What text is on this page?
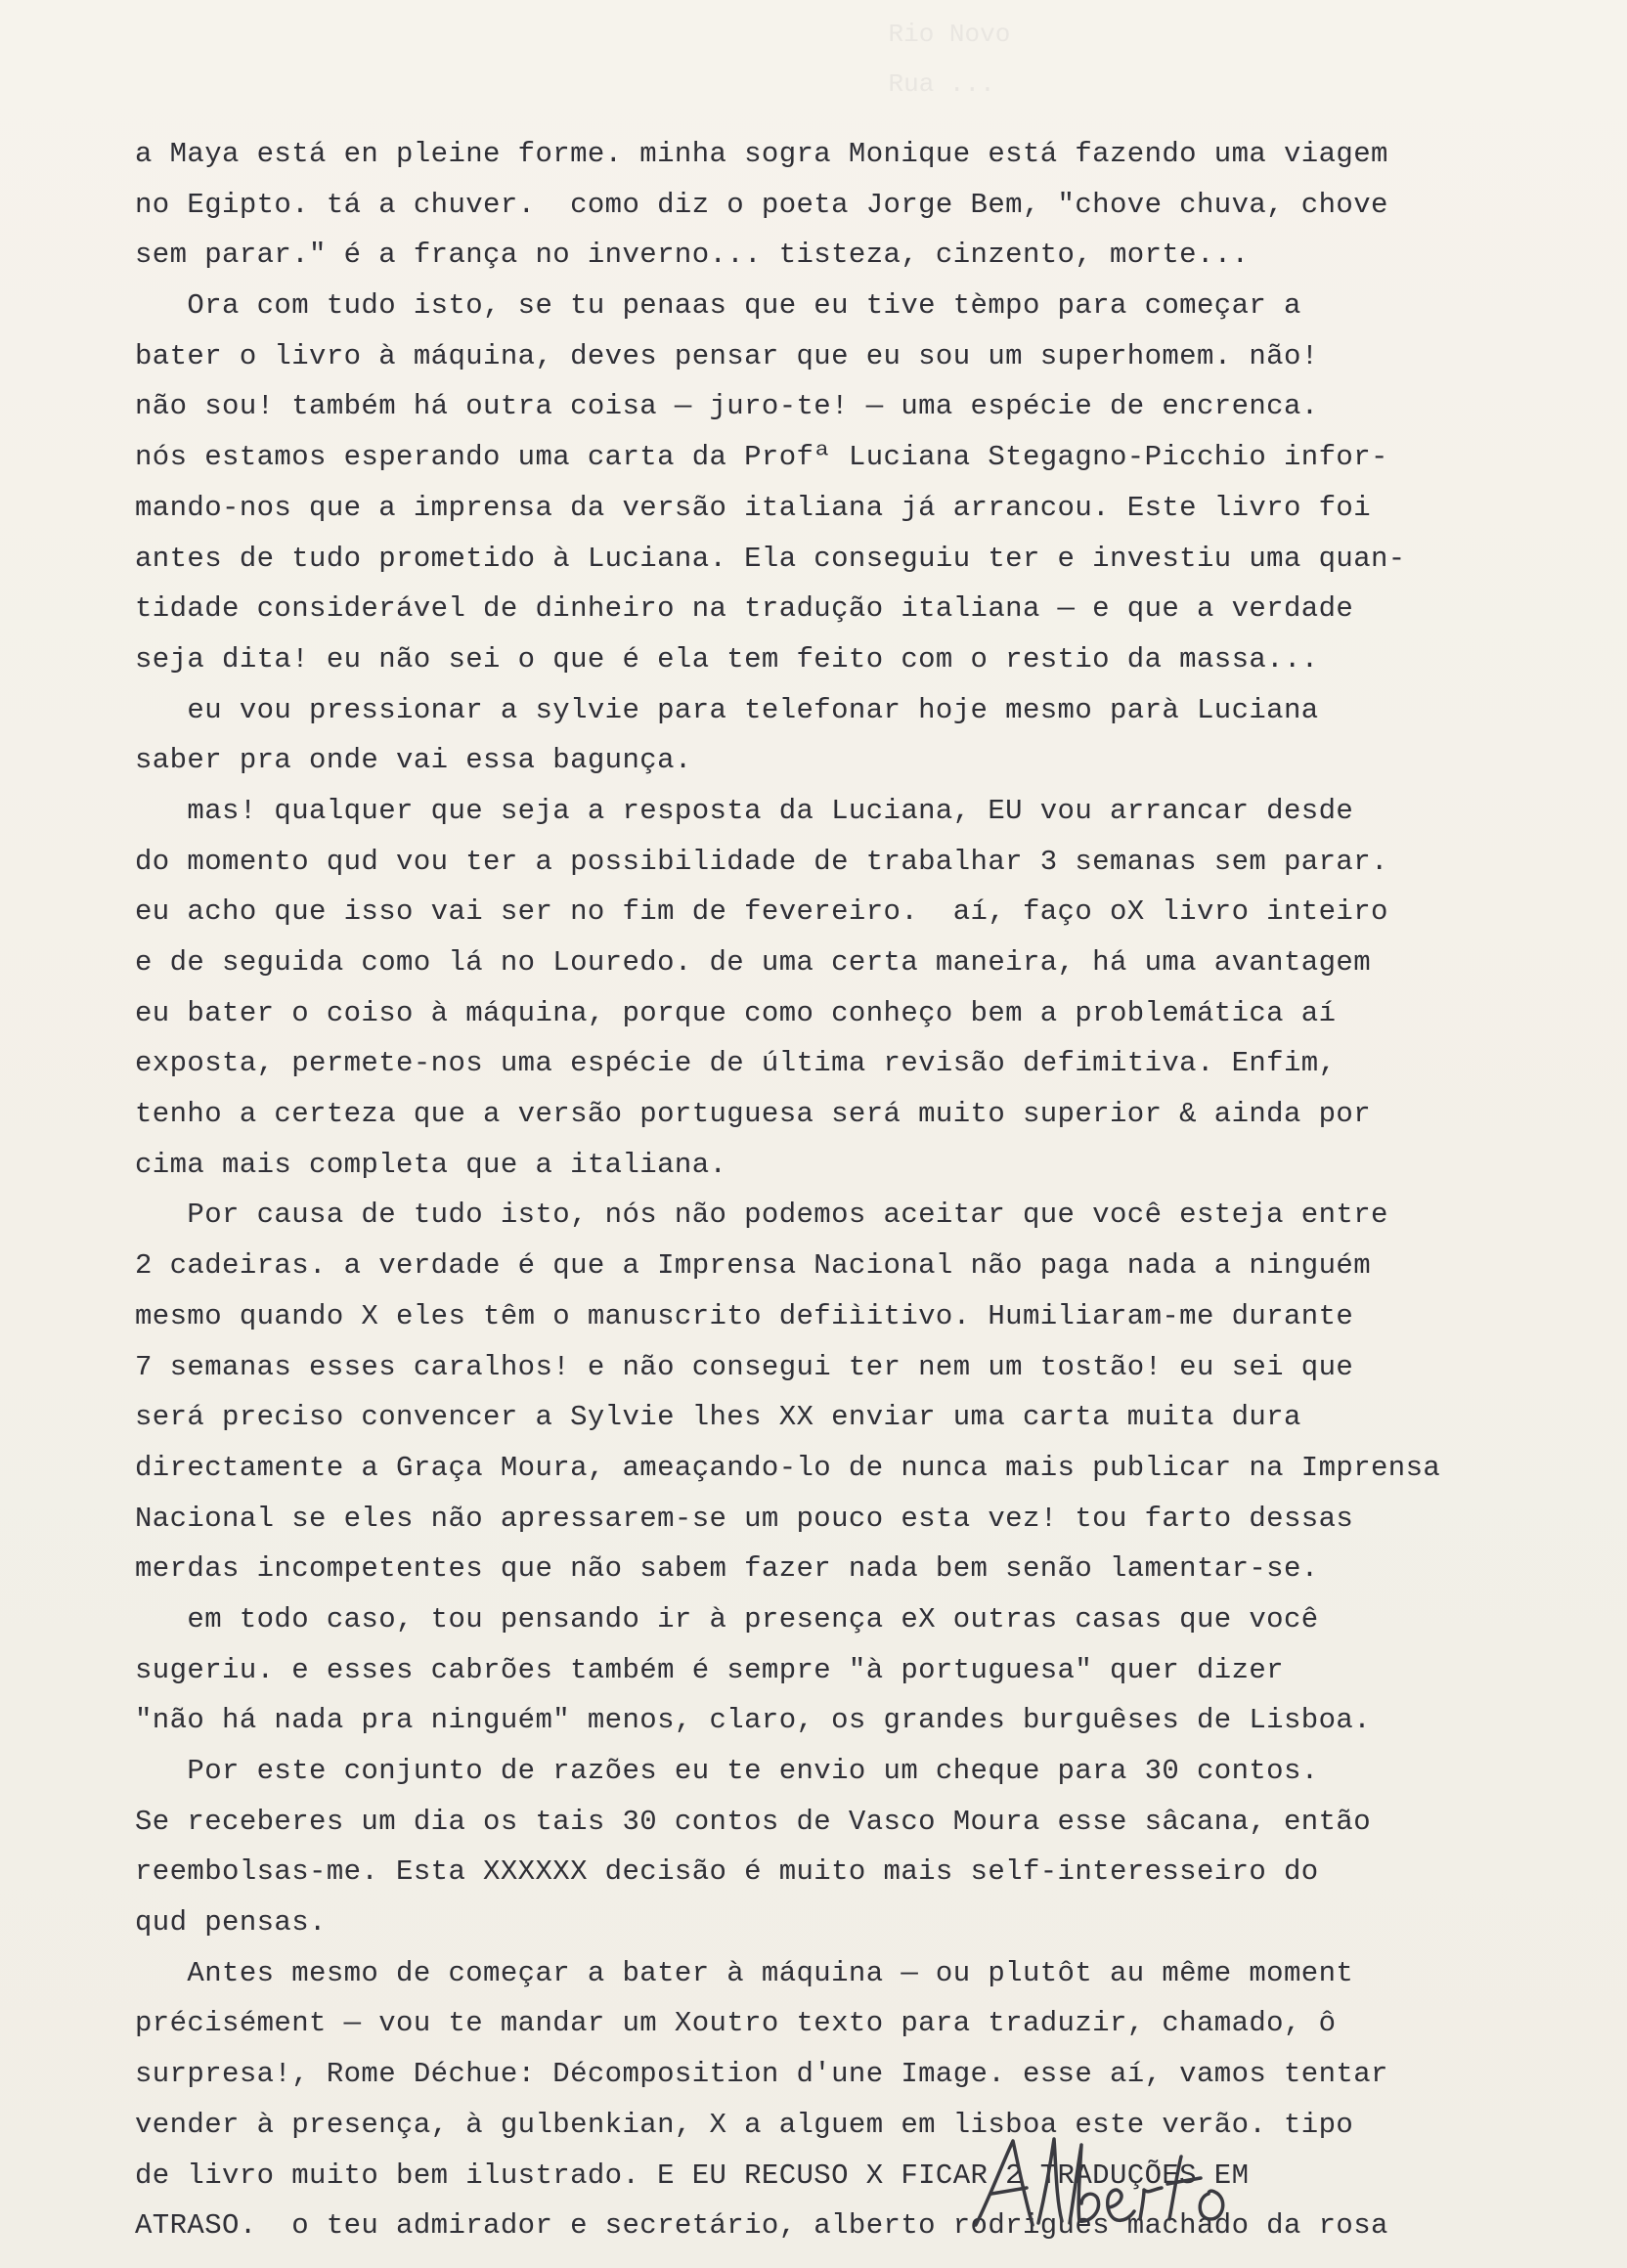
Rio Novo
Rua ...
a Maya está en pleine forme. minha sogra Monique está fazendo uma viagem
no Egipto. tá a chuver.  como diz o poeta Jorge Bem, "chove chuva, chove
sem parar." é a frança no inverno... tisteza, cinzento, morte...
Ora com tudo isto, se tu penaas que eu tive tèmpo para começar a
bater o livro à máquina, deves pensar que eu sou um superhomem. não!
não sou! também há outra coisa — juro-te! — uma espécie de encrenca.
nós estamos esperando uma carta da Profª Luciana Stegagno-Picchio infor-
mando-nos que a imprensa da versão italiana já arrancou. Este livro foi
antes de tudo prometido à Luciana. Ela conseguiu ter e investiu uma quan-
tidade considerável de dinheiro na tradução italiana — e que a verdade
seja dita! eu não sei o que é ela tem feito com o restio da massa...
eu vou pressionar a sylvie para telefonar hoje mesmo parà Luciana
saber pra onde vai essa bagunça.
mas! qualquer que seja a resposta da Luciana, EU vou arrancar desde
do momento qud vou ter a possibilidade de trabalhar 3 semanas sem parar.
eu acho que isso vai ser no fim de fevereiro.  aí, faço oX livro inteiro
e de seguida como lá no Louredo. de uma certa maneira, há uma avantagem
eu bater o coiso à máquina, porque como conheço bem a problemática aí
exposta, permete-nos uma espécie de última revisão defimitiva. Enfim,
tenho a certeza que a versão portuguesa será muito superior & ainda por
cima mais completa que a italiana.
Por causa de tudo isto, nós não podemos aceitar que você esteja entre
2 cadeiras. a verdade é que a Imprensa Nacional não paga nada a ninguém
mesmo quando X eles têm o manuscrito defiìitivo. Humiliaram-me durante
7 semanas esses caralhos! e não consegui ter nem um tostão! eu sei que
será preciso convencer a Sylvie lhes XX enviar uma carta muita dura
directamente a Graça Moura, ameaçando-lo de nunca mais publicar na Imprensa
Nacional se eles não apressarem-se um pouco esta vez! tou farto dessas
merdas incompetentes que não sabem fazer nada bem senão lamentar-se.
em todo caso, tou pensando ir à presença eX outras casas que você
sugeriu. e esses cabrões também é sempre "à portuguesa" quer dizer
"não há nada pra ninguém" menos, claro, os grandes burguêses de Lisboa.
Por este conjunto de razões eu te envio um cheque para 30 contos.
Se receberes um dia os tais 30 contos de Vasco Moura esse sâcana, então
reembolsas-me. Esta XXXXXX decisão é muito mais self-interesseiro do
qud pensas.
Antes mesmo de começar a bater à máquina — ou plutôt au même moment
précisément — vou te mandar um Xoutro texto para traduzir, chamado, ô
surpresa!, Rome Déchue: Décomposition d'une Image. esse aí, vamos tentar
vender à presença, à gulbenkian, X a alguem em lisboa este verão. tipo
de livro muito bem ilustrado. E EU RECUSO X FICAR 2 TRADUÇÕES EM
ATRASO.  o teu admirador e secretário, alberto rodrigues machado da rosa
